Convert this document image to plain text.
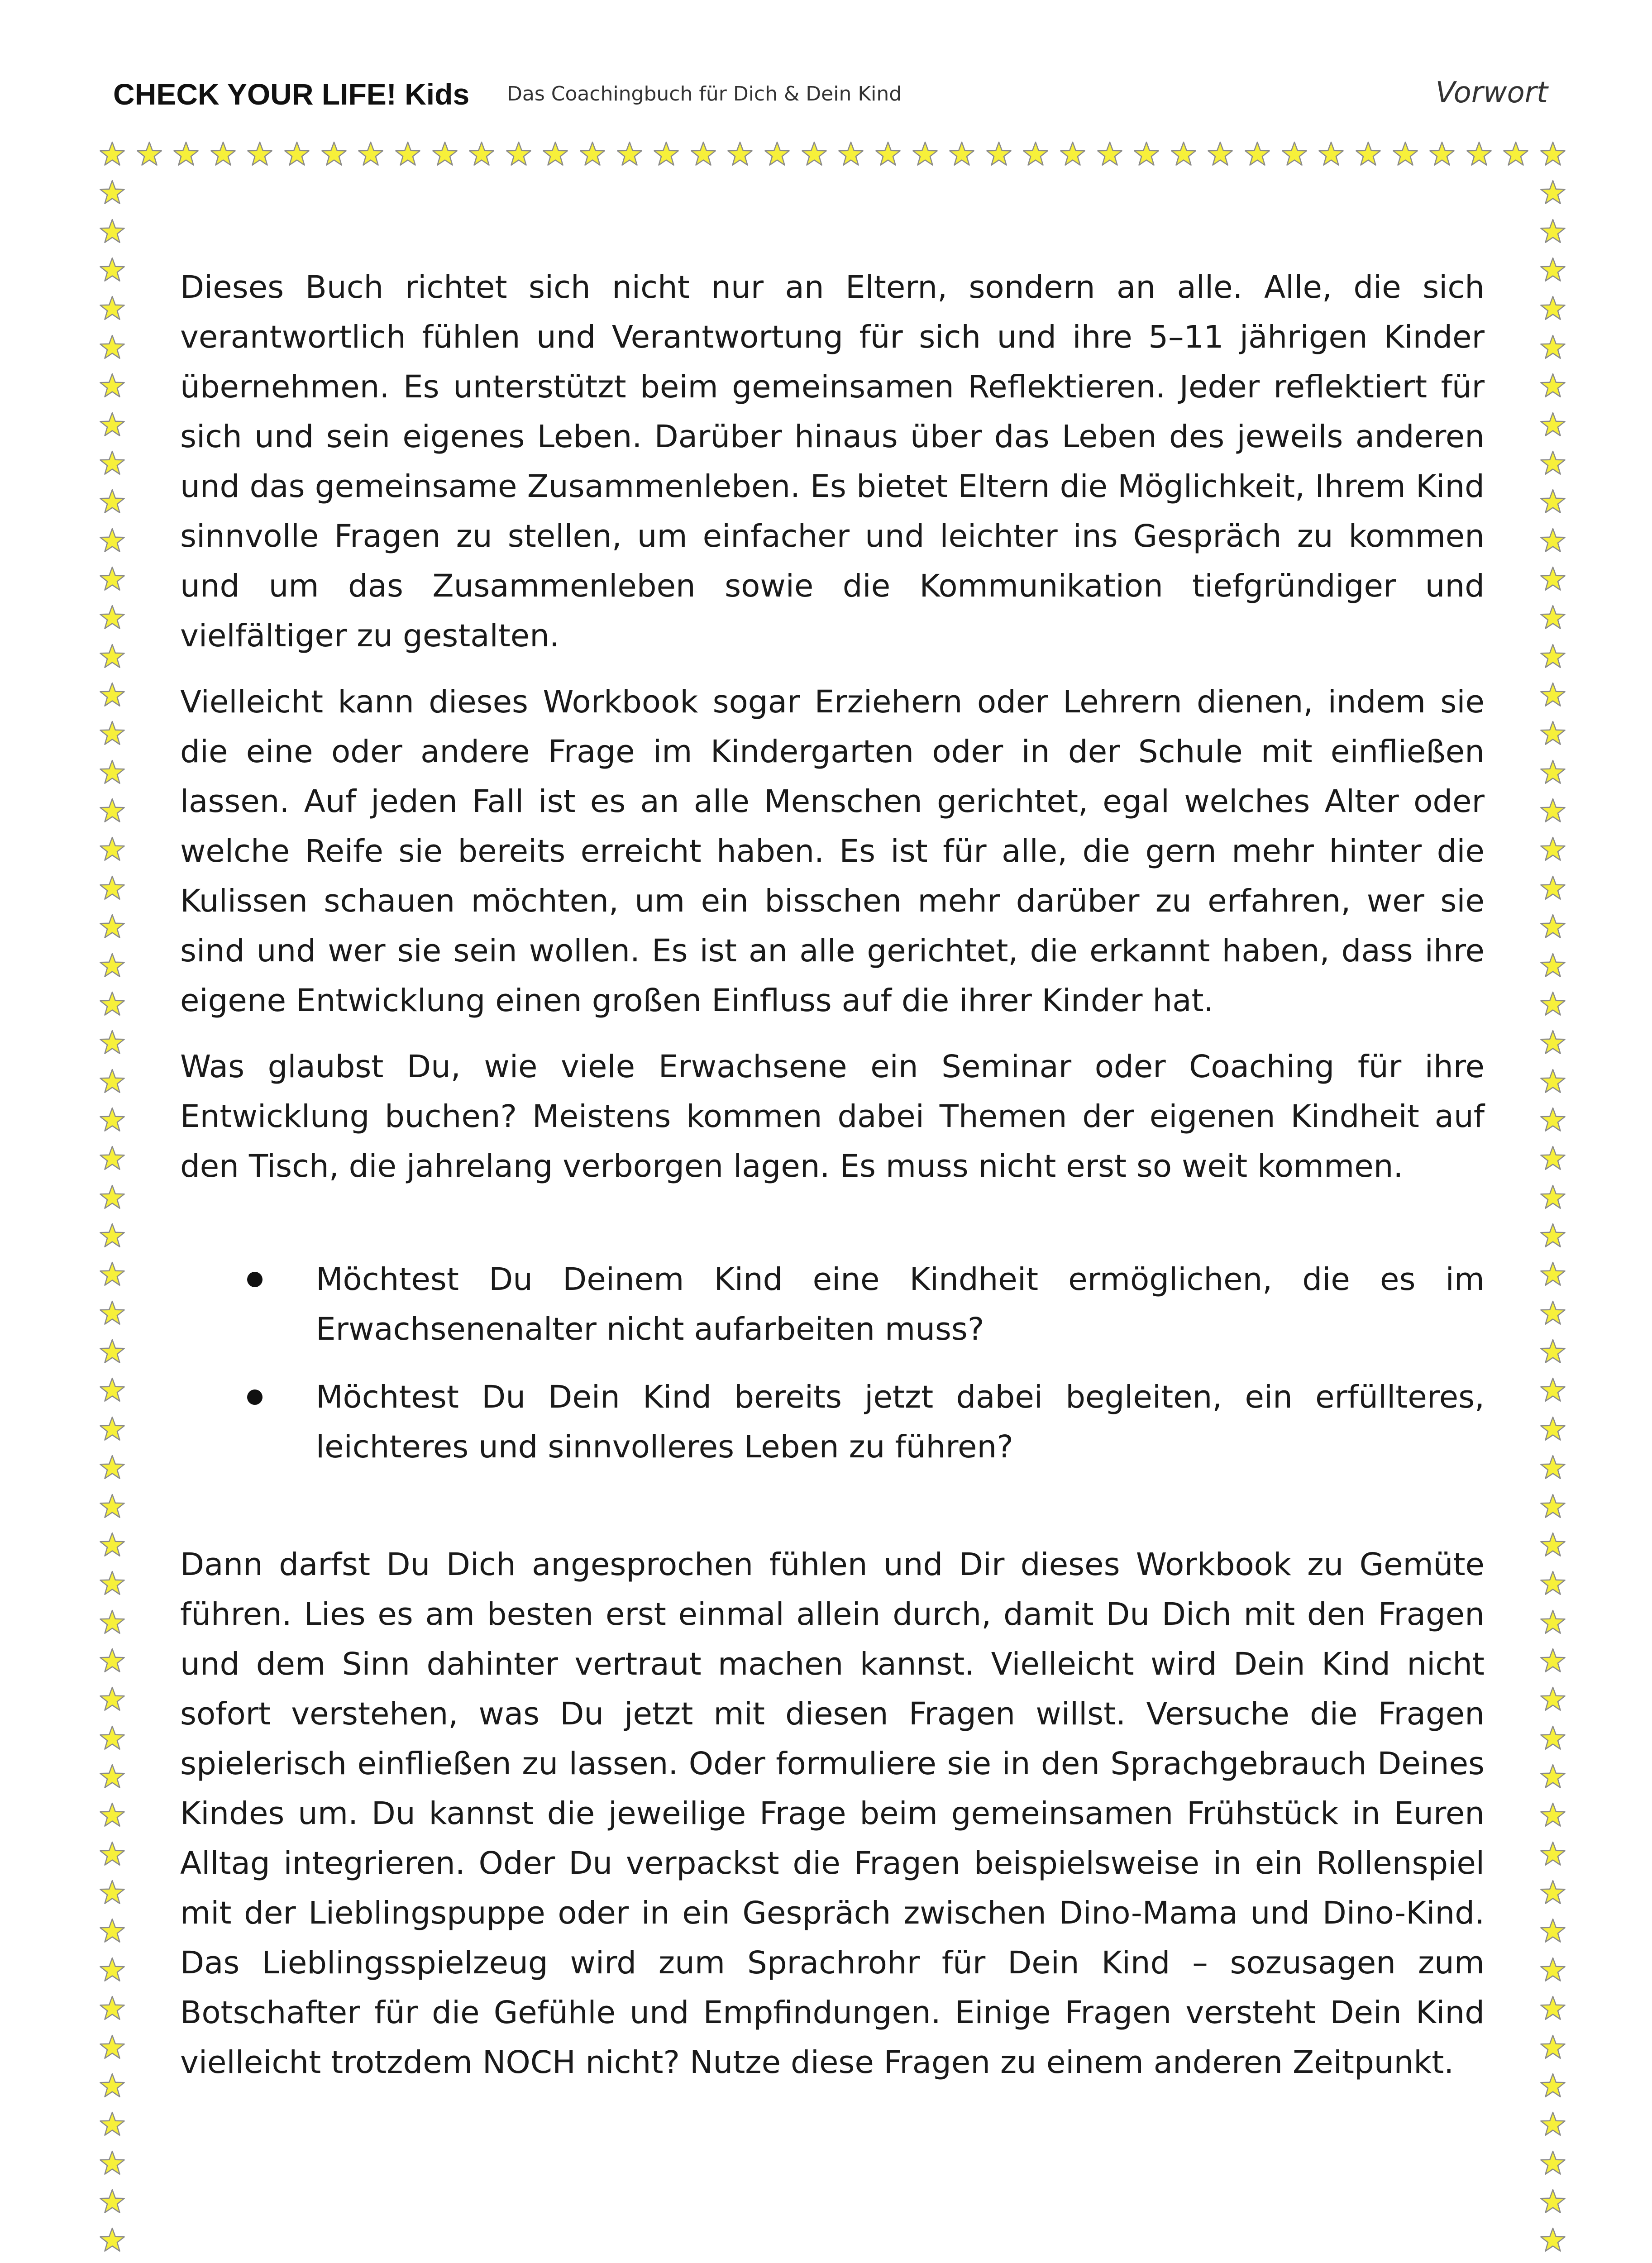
CHECK YOUR LIFE! Kids Das Coachingbuch für Dich & Dein Kind	Vorwort

Dieses Buch richtet sich nicht nur an Eltern, sondern an alle. Alle, die sich verantwortlich fühlen und Verantwortung für sich und ihre 5–11 jährigen Kinder übernehmen. Es unterstützt beim gemeinsamen Reflektieren. Jeder reflektiert für sich und sein eigenes Leben. Darüber hinaus über das Leben des jeweils anderen und das gemeinsame Zusammenleben. Es bietet Eltern die Möglichkeit, Ihrem Kind sinnvolle Fragen zu stellen, um einfacher und leichter ins Gespräch zu kommen und um das Zusammenleben sowie die Kommunikation tiefgründiger und vielfältiger zu gestalten.

Vielleicht kann dieses Workbook sogar Erziehern oder Lehrern dienen, indem sie die eine oder andere Frage im Kindergarten oder in der Schule mit einfließen lassen. Auf jeden Fall ist es an alle Menschen gerichtet, egal welches Alter oder welche Reife sie bereits erreicht haben. Es ist für alle, die gern mehr hinter die Kulissen schauen möchten, um ein bisschen mehr darüber zu erfahren, wer sie sind und wer sie sein wollen. Es ist an alle gerichtet, die erkannt haben, dass ihre eigene Entwicklung einen großen Einfluss auf die ihrer Kinder hat.

Was glaubst Du, wie viele Erwachsene ein Seminar oder Coaching für ihre Entwicklung buchen? Meistens kommen dabei Themen der eigenen Kindheit auf den Tisch, die jahrelang verborgen lagen. Es muss nicht erst so weit kommen.

Möchtest Du Deinem Kind eine Kindheit ermöglichen, die es im Erwachsenenalter nicht aufarbeiten muss?
Möchtest Du Dein Kind bereits jetzt dabei begleiten, ein erfüllteres, leichteres und sinnvolleres Leben zu führen?

Dann darfst Du Dich angesprochen fühlen und Dir dieses Workbook zu Gemüte führen. Lies es am besten erst einmal allein durch, damit Du Dich mit den Fragen und dem Sinn dahinter vertraut machen kannst. Vielleicht wird Dein Kind nicht sofort verstehen, was Du jetzt mit diesen Fragen willst. Versuche die Fragen spielerisch einfließen zu lassen. Oder formuliere sie in den Sprachgebrauch Deines Kindes um. Du kannst die jeweilige Frage beim gemeinsamen Frühstück in Euren Alltag integrieren. Oder Du verpackst die Fragen beispielsweise in ein Rollenspiel mit der Lieblingspuppe oder in ein Gespräch zwischen Dino-Mama und Dino-Kind. Das Lieblingsspielzeug wird zum Sprachrohr für Dein Kind – sozusagen zum Botschafter für die Gefühle und Empfindungen. Einige Fragen versteht Dein Kind vielleicht trotzdem NOCH nicht? Nutze diese Fragen zu einem anderen Zeitpunkt.
